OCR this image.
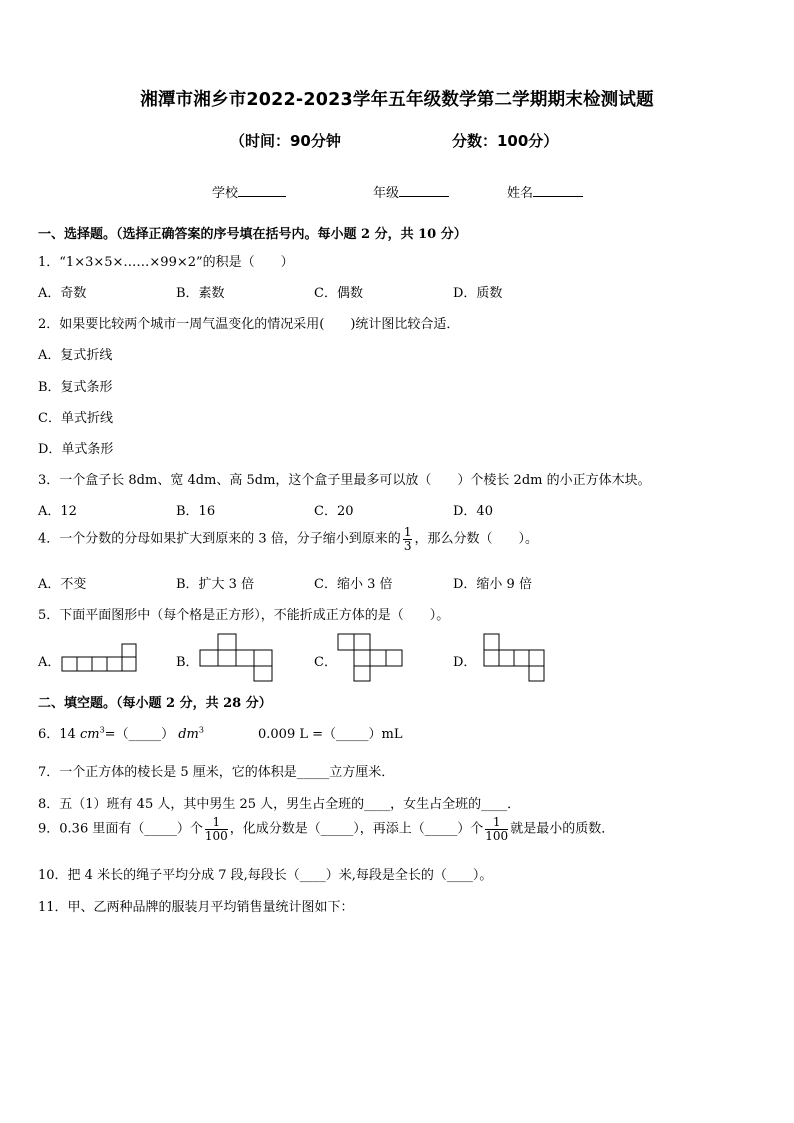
湘潭市湘乡市2022-2023学年五年级数学第二学期期末检测试题
（时间：90分钟	分数：100分）
学校	年级	姓名
一、选择题。（选择正确答案的序号填在括号内。每小题 2 分，共 10 分）
1．“1×3×5×……×99×2”的积是（　　）
A．奇数	B．素数	C．偶数	D．质数
2．如果要比较两个城市一周气温变化的情况采用(　　)统计图比较合适．
A．复式折线
B．复式条形
C．单式折线
D．单式条形
3．一个盒子长 8dm、宽 4dm、高 5dm，这个盒子里最多可以放（　　）个棱长 2dm 的小正方体木块。
A．12	B．16	C．20	D．40
4．一个分数的分母如果扩大到原来的 3 倍，分子缩小到原来的 $\frac{1}{3}$ ，那么分数（　　）。
A．不变	B．扩大 3 倍	C．缩小 3 倍	D．缩小 9 倍
5．下面平面图形中（每个格是正方形），不能折成正方体的是（　　）。
A．	B．	C．	D．
二、填空题。（每小题 2 分，共 28 分）
6．14 $cm^3=(\_\_\_\_\_)$ $dm^3$	0.009 L =（_____）mL
7．一个正方体的棱长是 5 厘米，它的体积是_____立方厘米．
8．五（1）班有 45 人，其中男生 25 人，男生占全班的____，女生占全班的____．
9．0.36 里面有（_____）个 $\frac{1}{100}$ ，化成分数是（_____），再添上（_____）个 $\frac{1}{100}$ 就是最小的质数．
10．把 4 米长的绳子平均分成 7 段,每段长（____）米,每段是全长的（____）。
11．甲、乙两种品牌的服装月平均销售量统计图如下：
